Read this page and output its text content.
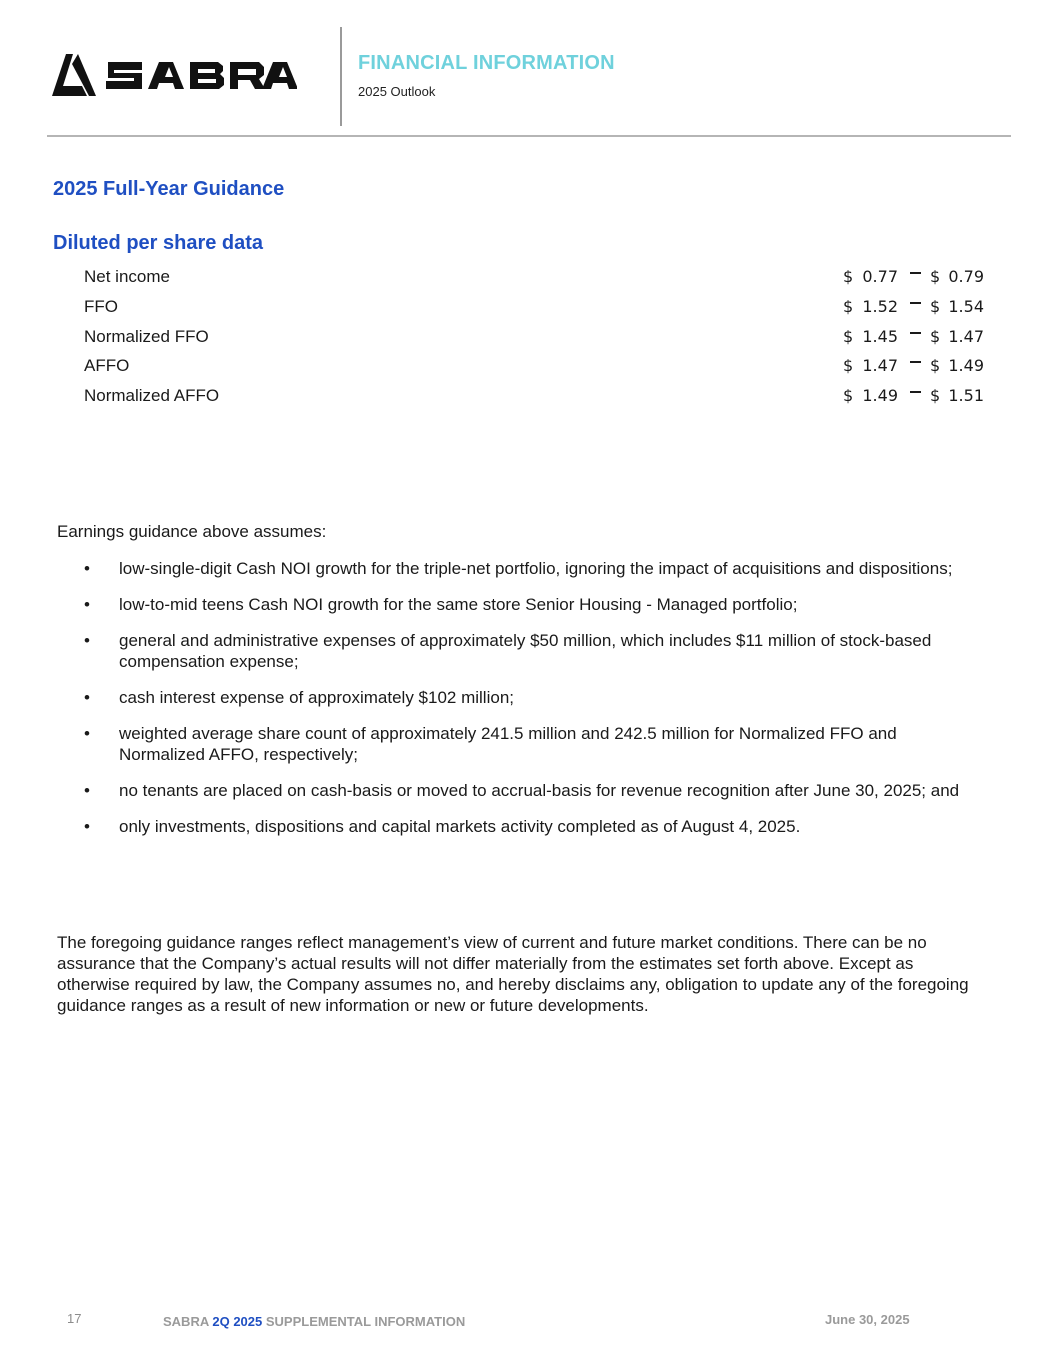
FINANCIAL INFORMATION
2025 Outlook
2025 Full-Year Guidance
Diluted per share data
Net income	$ 0.77 $ 0.79
FFO	$ 1.52 $ 1.54
Normalized FFO	$ 1.45 $ 1.47
AFFO	$ 1.47 $ 1.49
Normalized AFFO	$ 1.49 $ 1.51
Earnings guidance above assumes:
• low-single-digit Cash NOI growth for the triple-net portfolio, ignoring the impact of acquisitions and dispositions;
• low-to-mid teens Cash NOI growth for the same store Senior Housing - Managed portfolio;
• general and administrative expenses of approximately $50 million, which includes $11 million of stock-based compensation expense;
• cash interest expense of approximately $102 million;
• weighted average share count of approximately 241.5 million and 242.5 million for Normalized FFO and Normalized AFFO, respectively;
• no tenants are placed on cash-basis or moved to accrual-basis for revenue recognition after June 30, 2025; and
• only investments, dispositions and capital markets activity completed as of August 4, 2025.

The foregoing guidance ranges reflect management’s view of current and future market conditions. There can be no assurance that the Company’s actual results will not differ materially from the estimates set forth above. Except as otherwise required by law, the Company assumes no, and hereby disclaims any, obligation to update any of the foregoing guidance ranges as a result of new information or new or future developments.

17	SABRA 2Q 2025 SUPPLEMENTAL INFORMATION	June 30, 2025
